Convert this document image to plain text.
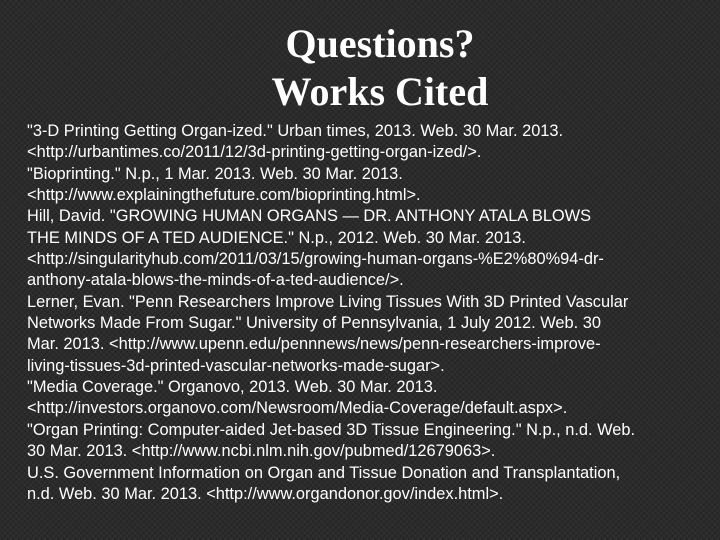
Questions?
Works Cited
"3-D Printing Getting Organ-ized." Urban times, 2013. Web. 30 Mar. 2013.
<http://urbantimes.co/2011/12/3d-printing-getting-organ-ized/>.
"Bioprinting." N.p., 1 Mar. 2013. Web. 30 Mar. 2013.
<http://www.explainingthefuture.com/bioprinting.html>.
Hill, David. "GROWING HUMAN ORGANS — DR. ANTHONY ATALA BLOWS
THE MINDS OF A TED AUDIENCE." N.p., 2012. Web. 30 Mar. 2013.
<http://singularityhub.com/2011/03/15/growing-human-organs-%E2%80%94-dr-
anthony-atala-blows-the-minds-of-a-ted-audience/>.
Lerner, Evan. "Penn Researchers Improve Living Tissues With 3D Printed Vascular
Networks Made From Sugar." University of Pennsylvania, 1 July 2012. Web. 30
Mar. 2013. <http://www.upenn.edu/pennnews/news/penn-researchers-improve-
living-tissues-3d-printed-vascular-networks-made-sugar>.
"Media Coverage." Organovo, 2013. Web. 30 Mar. 2013.
<http://investors.organovo.com/Newsroom/Media-Coverage/default.aspx>.
"Organ Printing: Computer-aided Jet-based 3D Tissue Engineering." N.p., n.d. Web.
30 Mar. 2013. <http://www.ncbi.nlm.nih.gov/pubmed/12679063>.
U.S. Government Information on Organ and Tissue Donation and Transplantation,
n.d. Web. 30 Mar. 2013. <http://www.organdonor.gov/index.html>.
